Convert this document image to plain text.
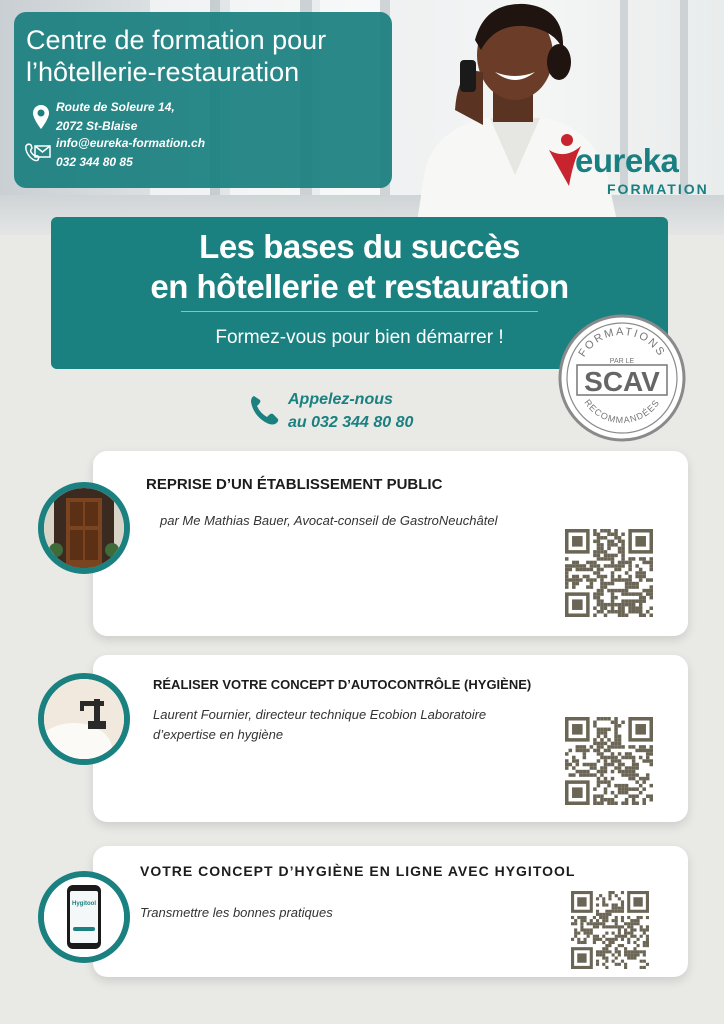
Centre de formation pour
l’hôtellerie-restauration
Route de Soleure 14,
2072 St-Blaise
info@eureka-formation.ch
032 344 80 85	eureka
FORMATION
Les bases du succès
en hôtellerie et restauration
Formez-vous pour bien démarrer !
FORMATIONS
PAR LE
SCAV
RECOMMANDÉES
Appelez-nous
au 032 344 80 80
REPRISE D’UN ÉTABLISSEMENT PUBLIC
par Me Mathias Bauer, Avocat-conseil de GastroNeuchâtel
RÉALISER VOTRE CONCEPT D’AUTOCONTRÔLE (HYGIÈNE)
Laurent Fournier, directeur technique Ecobion Laboratoire
d’expertise en hygiène
VOTRE CONCEPT D’HYGIÈNE EN LIGNE AVEC HYGITOOL
Transmettre les bonnes pratiques
Hygitool
